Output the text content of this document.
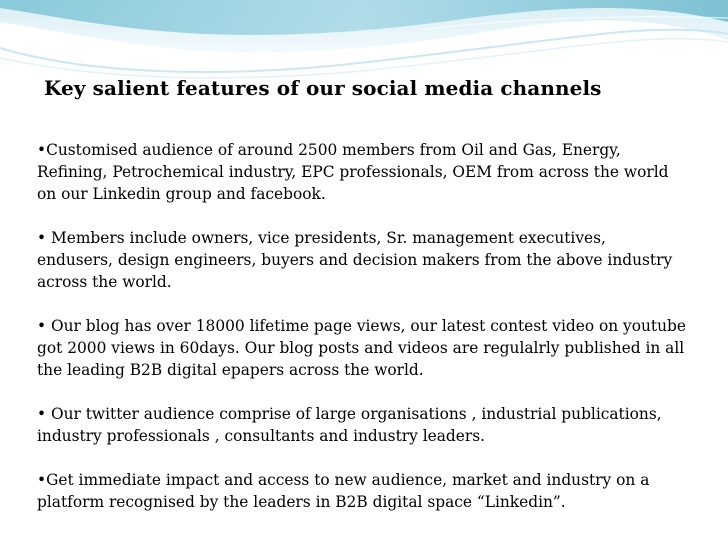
Key salient features of our social media channels

•Customised audience of around 2500 members from Oil and Gas, Energy,
Refining, Petrochemical industry, EPC professionals, OEM from across the world
on our Linkedin group and facebook.

• Members include owners, vice presidents, Sr. management executives,
endusers, design engineers, buyers and decision makers from the above industry
across the world.

• Our blog has over 18000 lifetime page views, our latest contest video on youtube
got 2000 views in 60days. Our blog posts and videos are regulalrly published in all
the leading B2B digital epapers across the world.

• Our twitter audience comprise of large organisations , industrial publications,
industry professionals , consultants and industry leaders.

•Get immediate impact and access to new audience, market and industry on a
platform recognised by the leaders in B2B digital space “Linkedin”.
